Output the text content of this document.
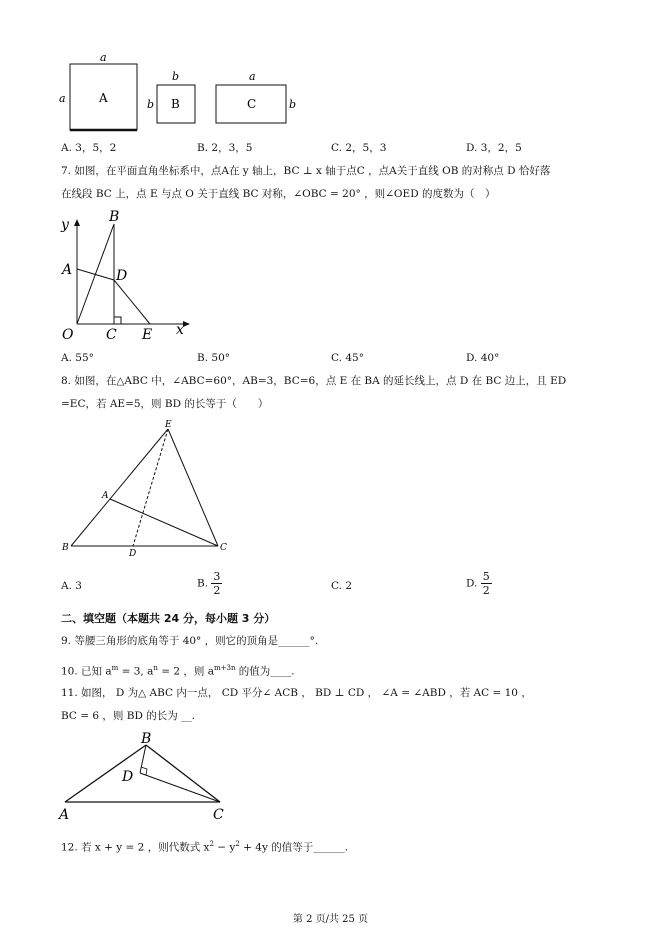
a
a	A
b
b B
a
b
C
A. 3，5，2	B. 2，3，5	C. 2，5，3	D. 3，2，5
7. 如图，在平面直角坐标系中，点A在 y 轴上，BC ⊥ x 轴于点C ，点A关于直线 OB 的对称点 D 恰好落
在线段 BC 上，点 E 与点 O 关于直线 BC 对称，∠OBC = 20° ，则∠OED 的度数为（　）
y	B
A	D
O C E x
A. 55°	B. 50°	C. 45°	D. 40°
8. 如图，在△ABC 中，∠ABC=60°，AB=3，BC=6，点 E 在 BA 的延长线上，点 D 在 BC 边上，且 ED
=EC，若 AE=5，则 BD 的长等于（　　）
E
A
B
D
C
A. 3	B. $\frac{3}{2}$	C. 2	D. $\frac{5}{2}$
二、填空题（本题共 24 分，每小题 3 分）
9. 等腰三角形的底角等于 40° ，则它的顶角是______°.
10. 已知 $a^m = 3$, $a^n = 2$ ，则 $a^{m+3n}$ 的值为____.
11. 如图， D 为△ ABC 内一点， CD 平分∠ ACB ， BD ⊥ CD ， ∠A = ∠ABD ，若 AC = 10 ，
BC = 6 ，则 BD 的长为 __.
B
D
A	C
12. 若 x + y = 2 ，则代数式 $x^2 - y^2 + 4y$ 的值等于______.
第 2 页/共 25 页
